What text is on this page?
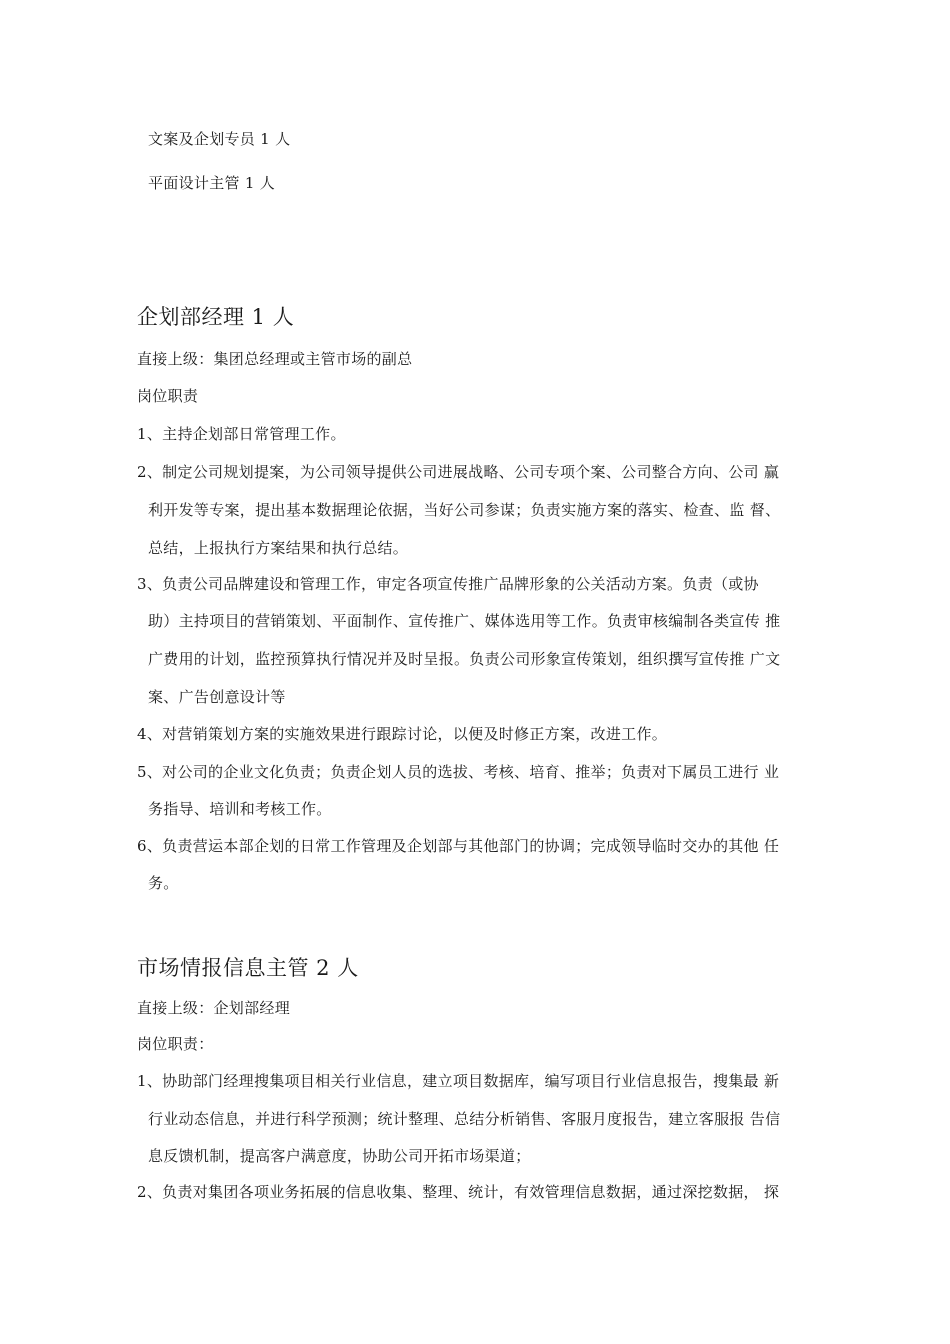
文案及企划专员 1 人
平面设计主管 1 人
企划部经理 1 人
直接上级：集团总经理或主管市场的副总
岗位职责
1、主持企划部日常管理工作。
2、制定公司规划提案，为公司领导提供公司进展战略、公司专项个案、公司整合方向、公司 赢
利开发等专案，提出基本数据理论依据，当好公司参谋；负责实施方案的落实、检查、监 督、
总结，上报执行方案结果和执行总结。
3、负责公司品牌建设和管理工作，审定各项宣传推广品牌形象的公关活动方案。负责（或协
助）主持项目的营销策划、平面制作、宣传推广、媒体选用等工作。负责审核编制各类宣传 推
广费用的计划，监控预算执行情况并及时呈报。负责公司形象宣传策划，组织撰写宣传推 广文
案、广告创意设计等
4、对营销策划方案的实施效果进行跟踪讨论，以便及时修正方案，改进工作。
5、对公司的企业文化负责；负责企划人员的选拔、考核、培育、推举；负责对下属员工进行 业
务指导、培训和考核工作。
6、负责营运本部企划的日常工作管理及企划部与其他部门的协调；完成领导临时交办的其他 任
务。
市场情报信息主管 2 人
直接上级：企划部经理
岗位职责：
1、协助部门经理搜集项目相关行业信息，建立项目数据库，编写项目行业信息报告，搜集最 新
行业动态信息，并进行科学预测；统计整理、总结分析销售、客服月度报告，建立客服报 告信
息反馈机制，提高客户满意度，协助公司开拓市场渠道；
2、负责对集团各项业务拓展的信息收集、整理、统计，有效管理信息数据，通过深挖数据， 探
